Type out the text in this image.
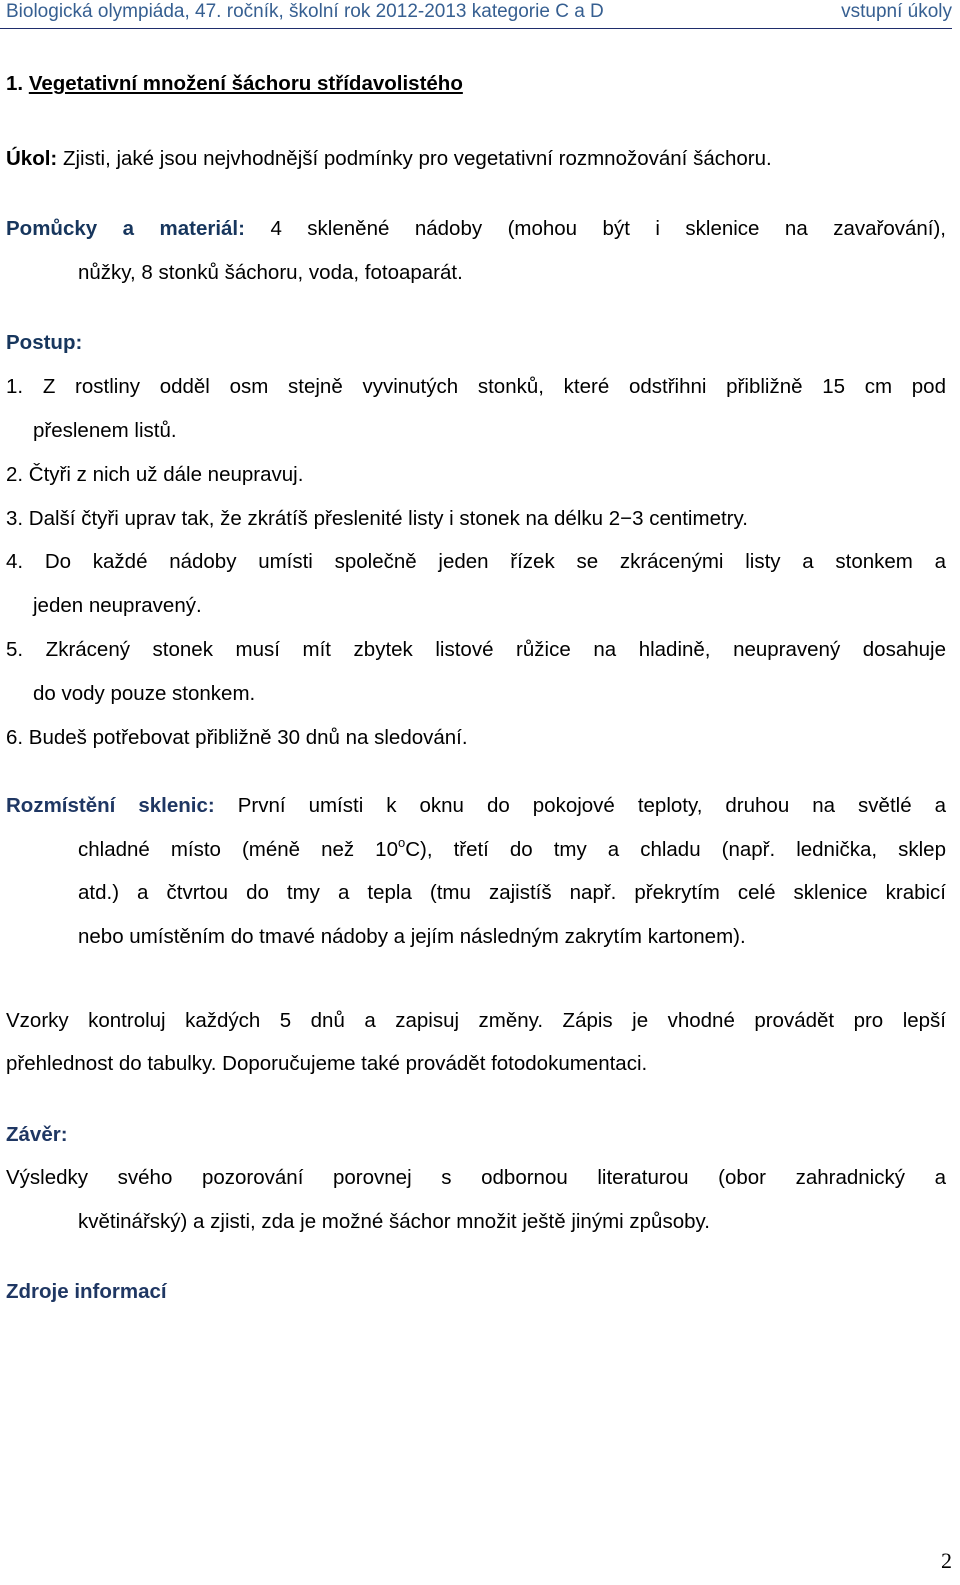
Biologická olympiáda, 47. ročník, školní rok 2012-2013 kategorie C a D	vstupní úkoly
1. Vegetativní množení šáchoru střídavolistého
Úkol: Zjisti, jaké jsou nejvhodnější podmínky pro vegetativní rozmnožování šáchoru.
Pomůcky a materiál: 4 skleněné nádoby (mohou být i sklenice na zavařování),
nůžky, 8 stonků šáchoru, voda, fotoaparát.
Postup:
1. Z rostliny odděl osm stejně vyvinutých stonků, které odstřihni přibližně 15 cm pod
přeslenem listů.
2. Čtyři z nich už dále neupravuj.
3. Další čtyři uprav tak, že zkrátíš přeslenité listy i stonek na délku 2−3 centimetry.
4. Do každé nádoby umísti společně jeden řízek se zkrácenými listy a stonkem a
jeden neupravený.
5. Zkrácený stonek musí mít zbytek listové růžice na hladině, neupravený dosahuje
do vody pouze stonkem.
6. Budeš potřebovat přibližně 30 dnů na sledování.
Rozmístění sklenic: První umísti k oknu do pokojové teploty, druhou na světlé a
chladné místo (méně než 10$^o$C), třetí do tmy a chladu (např. lednička, sklep
atd.) a čtvrtou do tmy a tepla (tmu zajistíš např. překrytím celé sklenice krabicí
nebo umístěním do tmavé nádoby a jejím následným zakrytím kartonem).
Vzorky kontroluj každých 5 dnů a zapisuj změny. Zápis je vhodné provádět pro lepší
přehlednost do tabulky. Doporučujeme také provádět fotodokumentaci.
Závěr:
Výsledky svého pozorování porovnej s odbornou literaturou (obor zahradnický a
květinářský) a zjisti, zda je možné šáchor množit ještě jinými způsoby.
Zdroje informací
2
